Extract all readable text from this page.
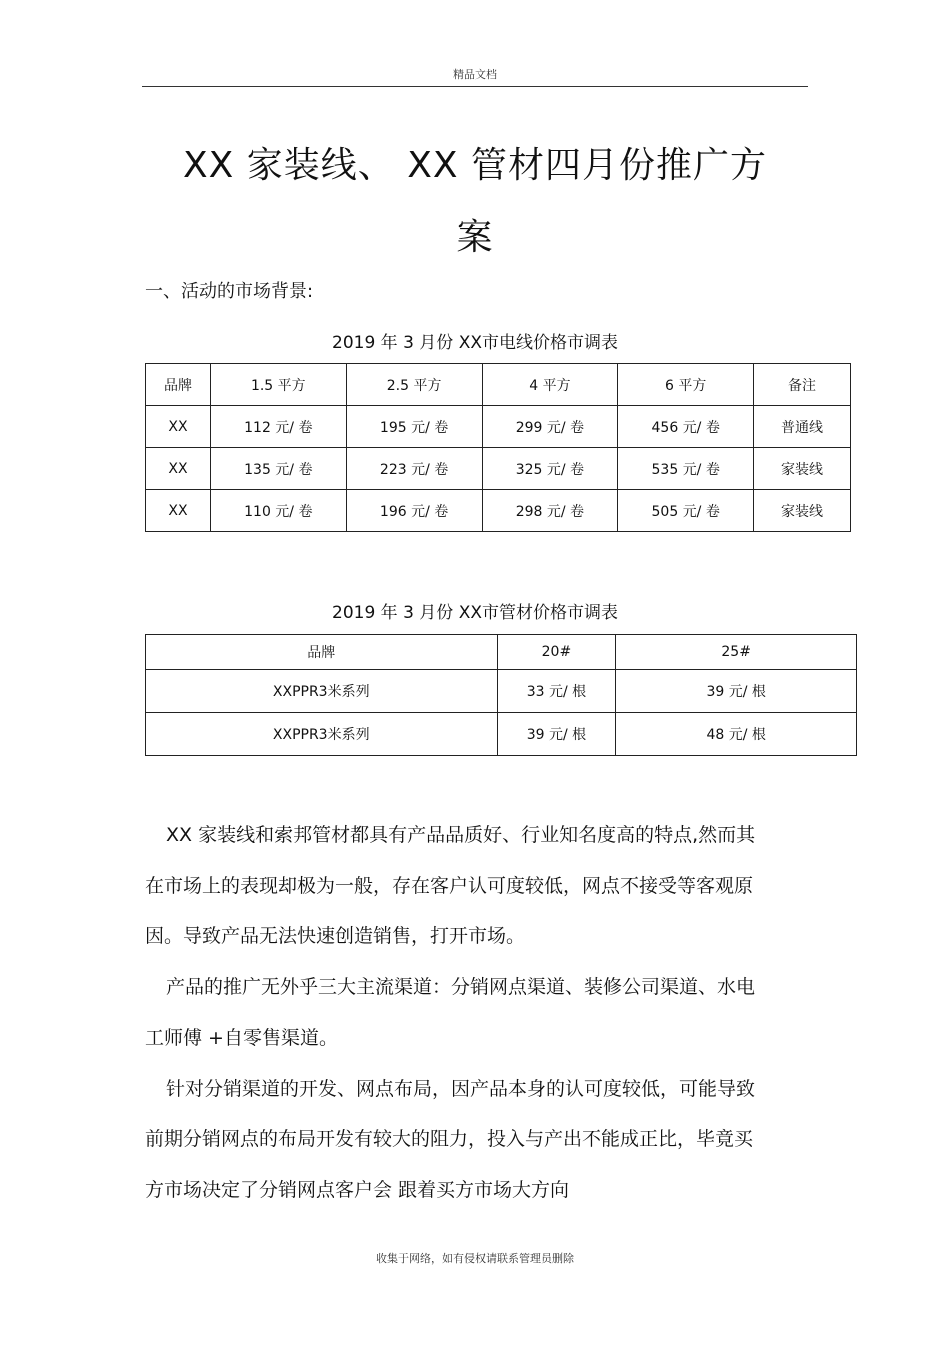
精品文档
XX 家装线、 XX 管材四月份推广方
案
一、活动的市场背景:
2019 年 3 月份 XX市电线价格市调表
品牌	1.5 平方	2.5 平方	4 平方	6 平方	备注
XX	112 元/ 卷	195 元/ 卷	299 元/ 卷	456 元/ 卷	普通线
XX	135 元/ 卷	223 元/ 卷	325 元/ 卷	535 元/ 卷	家装线
XX	110 元/ 卷	196 元/ 卷	298 元/ 卷	505 元/ 卷	家装线
2019 年 3 月份 XX市管材价格市调表
品牌	20#	25#
XXPPR3米系列	33 元/ 根	39 元/ 根
XXPPR3米系列	39 元/ 根	48 元/ 根

XX 家装线和索邦管材都具有产品品质好、行业知名度高的特点,然而其在市场上的表现却极为一般，存在客户认可度较低，网点不接受等客观原因。导致产品无法快速创造销售，打开市场。

产品的推广无外乎三大主流渠道：分销网点渠道、装修公司渠道、水电工师傅 +自零售渠道。

针对分销渠道的开发、网点布局，因产品本身的认可度较低，可能导致前期分销网点的布局开发有较大的阻力，投入与产出不能成正比，毕竟买方市场决定了分销网点客户会 跟着买方市场大方向

收集于网络，如有侵权请联系管理员删除
